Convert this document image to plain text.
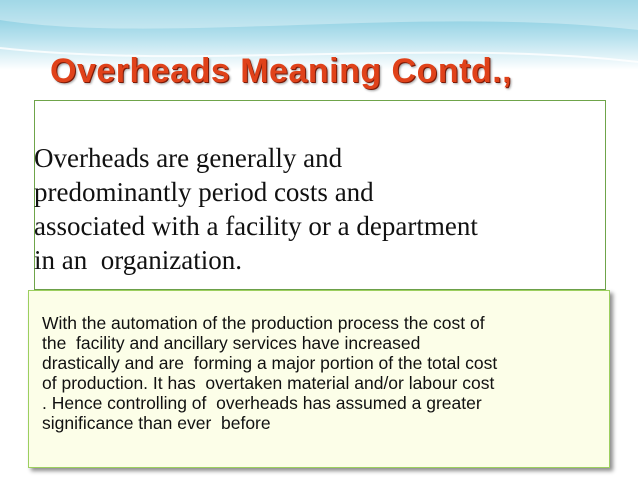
Overheads Meaning Contd.,
Overheads are generally and
predominantly period costs and
associated with a facility or a department
in an  organization.
With the automation of the production process the cost of
the  facility and ancillary services have increased
drastically and are  forming a major portion of the total cost
of production. It has  overtaken material and/or labour cost
. Hence controlling of  overheads has assumed a greater
significance than ever  before
